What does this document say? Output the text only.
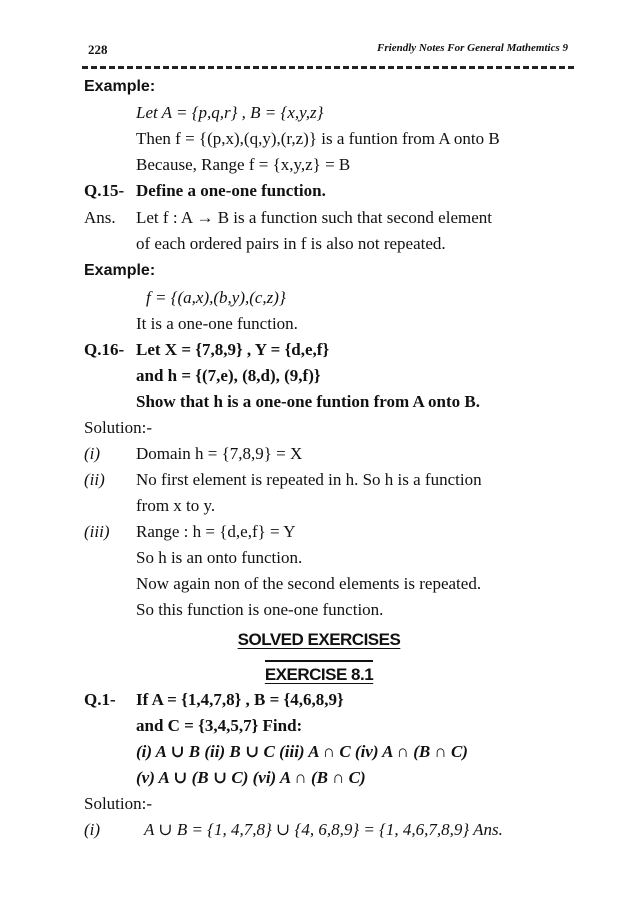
228	Friendly Notes For General Mathemtics 9
Example:
Let A = {p,q,r} , B = {x,y,z}
Then f = {(p,x),(q,y),(r,z)} is a funtion from A onto B
Because, Range f = {x,y,z} = B
Q.15- Define a one-one function.
Ans. Let f : A → B is a function such that second element
of each ordered pairs in f is also not repeated.
Example:
f = {(a,x),(b,y),(c,z)}
It is a one-one function.
Q.16- Let X = {7,8,9} , Y = {d,e,f}
and h = {(7,e), (8,d), (9,f)}
Show that h is a one-one funtion from A onto B.
Solution:-
(i) Domain h = {7,8,9} = X
(ii) No first element is repeated in h. So h is a function
from x to y.
(iii) Range : h = {d,e,f} = Y
So h is an onto function.
Now again non of the second elements is repeated.
So this function is one-one function.
SOLVED EXERCISES
EXERCISE 8.1
Q.1- If A = {1,4,7,8} , B = {4,6,8,9}
and C = {3,4,5,7} Find:
(i) A ∪ B (ii) B ∪ C (iii) A ∩ C (iv) A ∩ (B ∩ C)
(v) A ∪ (B ∪ C) (vi) A ∩ (B ∩ C)
Solution:-
(i)	A ∪ B = {1, 4,7,8} ∪ {4, 6,8,9} = {1, 4,6,7,8,9} Ans.
